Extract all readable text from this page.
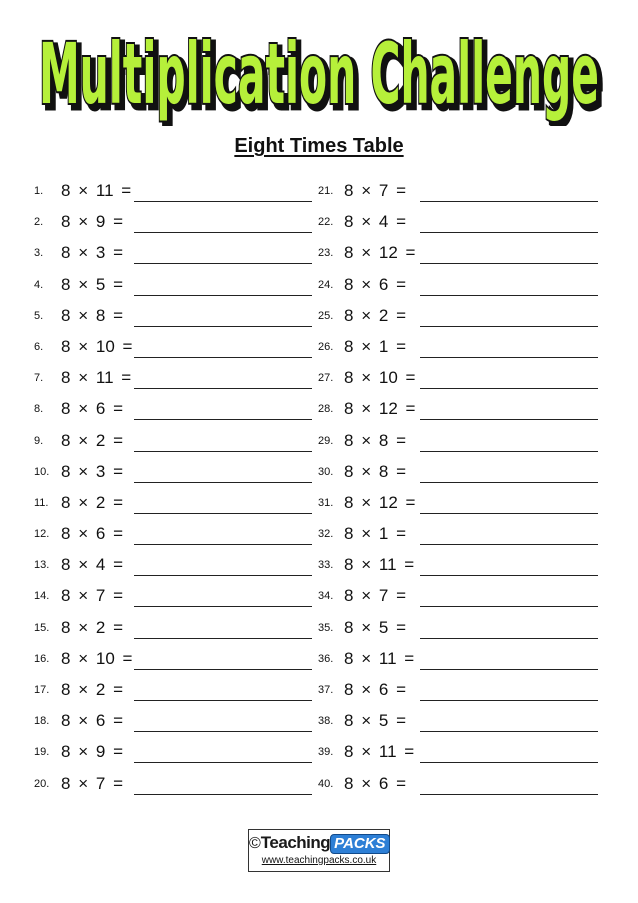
Multiplication Challenge
Multiplication Challenge
Eight Times Table
1. 8 × 11 =
2. 8 × 9 =
3. 8 × 3 =
4. 8 × 5 =
5. 8 × 8 =
6. 8 × 10 =
7. 8 × 11 =
8. 8 × 6 =
9. 8 × 2 =
10. 8 × 3 =
11. 8 × 2 =
12. 8 × 6 =
13. 8 × 4 =
14. 8 × 7 =
15. 8 × 2 =
16. 8 × 10 =
17. 8 × 2 =
18. 8 × 6 =
19. 8 × 9 =
20. 8 × 7 =
21. 8 × 7 =
22. 8 × 4 =
23. 8 × 12 =
24. 8 × 6 =
25. 8 × 2 =
26. 8 × 1 =
27. 8 × 10 =
28. 8 × 12 =
29. 8 × 8 =
30. 8 × 8 =
31. 8 × 12 =
32. 8 × 1 =
33. 8 × 11 =
34. 8 × 7 =
35. 8 × 5 =
36. 8 × 11 =
37. 8 × 6 =
38. 8 × 5 =
39. 8 × 11 =
40. 8 × 6 =
©Teaching PACKS
www.teachingpacks.co.uk
